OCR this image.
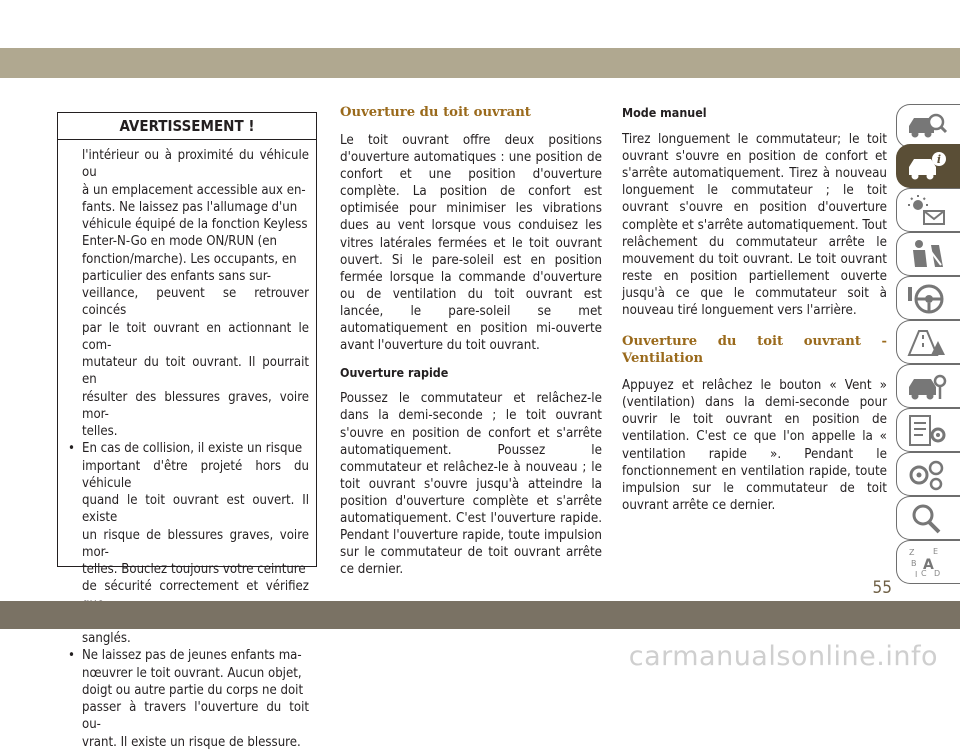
AVERTISSEMENT !
l'intérieur ou à proximité du véhicule ou
à un emplacement accessible aux en-
fants. Ne laissez pas l'allumage d'un
véhicule équipé de la fonction Keyless
Enter-N-Go en mode ON/RUN (en
fonction/marche). Les occupants, en
particulier des enfants sans sur-
veillance, peuvent se retrouver coincés
par le toit ouvrant en actionnant le com-
mutateur du toit ouvrant. Il pourrait en
résulter des blessures graves, voire mor-
telles.
• En cas de collision, il existe un risque
important d'être projeté hors du véhicule
quand le toit ouvrant est ouvert. Il existe
un risque de blessures graves, voire mor-
telles. Bouclez toujours votre ceinture
de sécurité correctement et vérifiez
sanglés.
• Ne laissez pas de jeunes enfants ma-
nœuvrer le toit ouvrant. Aucun objet,
doigt ou autre partie du corps ne doit
passer à travers l'ouverture du toit ou-
vrant. Il existe un risque de blessure.

Ouverture du toit ouvrant

Le toit ouvrant offre deux positions d'ouverture automatiques : une position de confort et une position d'ouverture complète. La position de confort est optimisée pour minimiser les vibrations dues au vent lorsque vous conduisez les vitres latérales fermées et le toit ouvrant ouvert. Si le pare-soleil est en position fermée lorsque la commande d'ouverture ou de ventilation du toit ouvrant est lancée, le pare-soleil se met automatiquement en position mi-ouverte avant l'ouverture du toit ouvrant.

Ouverture rapide

Poussez le commutateur et relâchez-le dans la demi-seconde ; le toit ouvrant s'ouvre en position de confort et s'arrête automatiquement. Poussez le commutateur et relâchez-le à nouveau ; le toit ouvrant s'ouvre jusqu'à atteindre la position d'ouverture complète et s'arrête automatiquement. C'est l'ouverture rapide. Pendant l'ouverture rapide, toute impulsion sur le commutateur de toit ouvrant arrête ce dernier.

Mode manuel

Tirez longuement le commutateur; le toit ouvrant s'ouvre en position de confort et s'arrête automatiquement. Tirez à nouveau longuement le commutateur ; le toit ouvrant s'ouvre en position d'ouverture complète et s'arrête automatiquement. Tout relâchement du commutateur arrête le mouvement du toit ouvrant. Le toit ouvrant reste en position partiellement ouverte jusqu'à ce que le commutateur soit à nouveau tiré longuement vers l'arrière.

Ouverture du toit ouvrant - Ventilation

Appuyez et relâchez le bouton « Vent » (ventilation) dans la demi-seconde pour ouvrir le toit ouvrant en position de ventilation. C'est ce que l'on appelle la « ventilation rapide ». Pendant le fonctionnement en ventilation rapide, toute impulsion sur le commutateur de toit ouvrant arrête ce dernier.

i
Z E
B
C D
I
A
55
carmanualsonline.info
